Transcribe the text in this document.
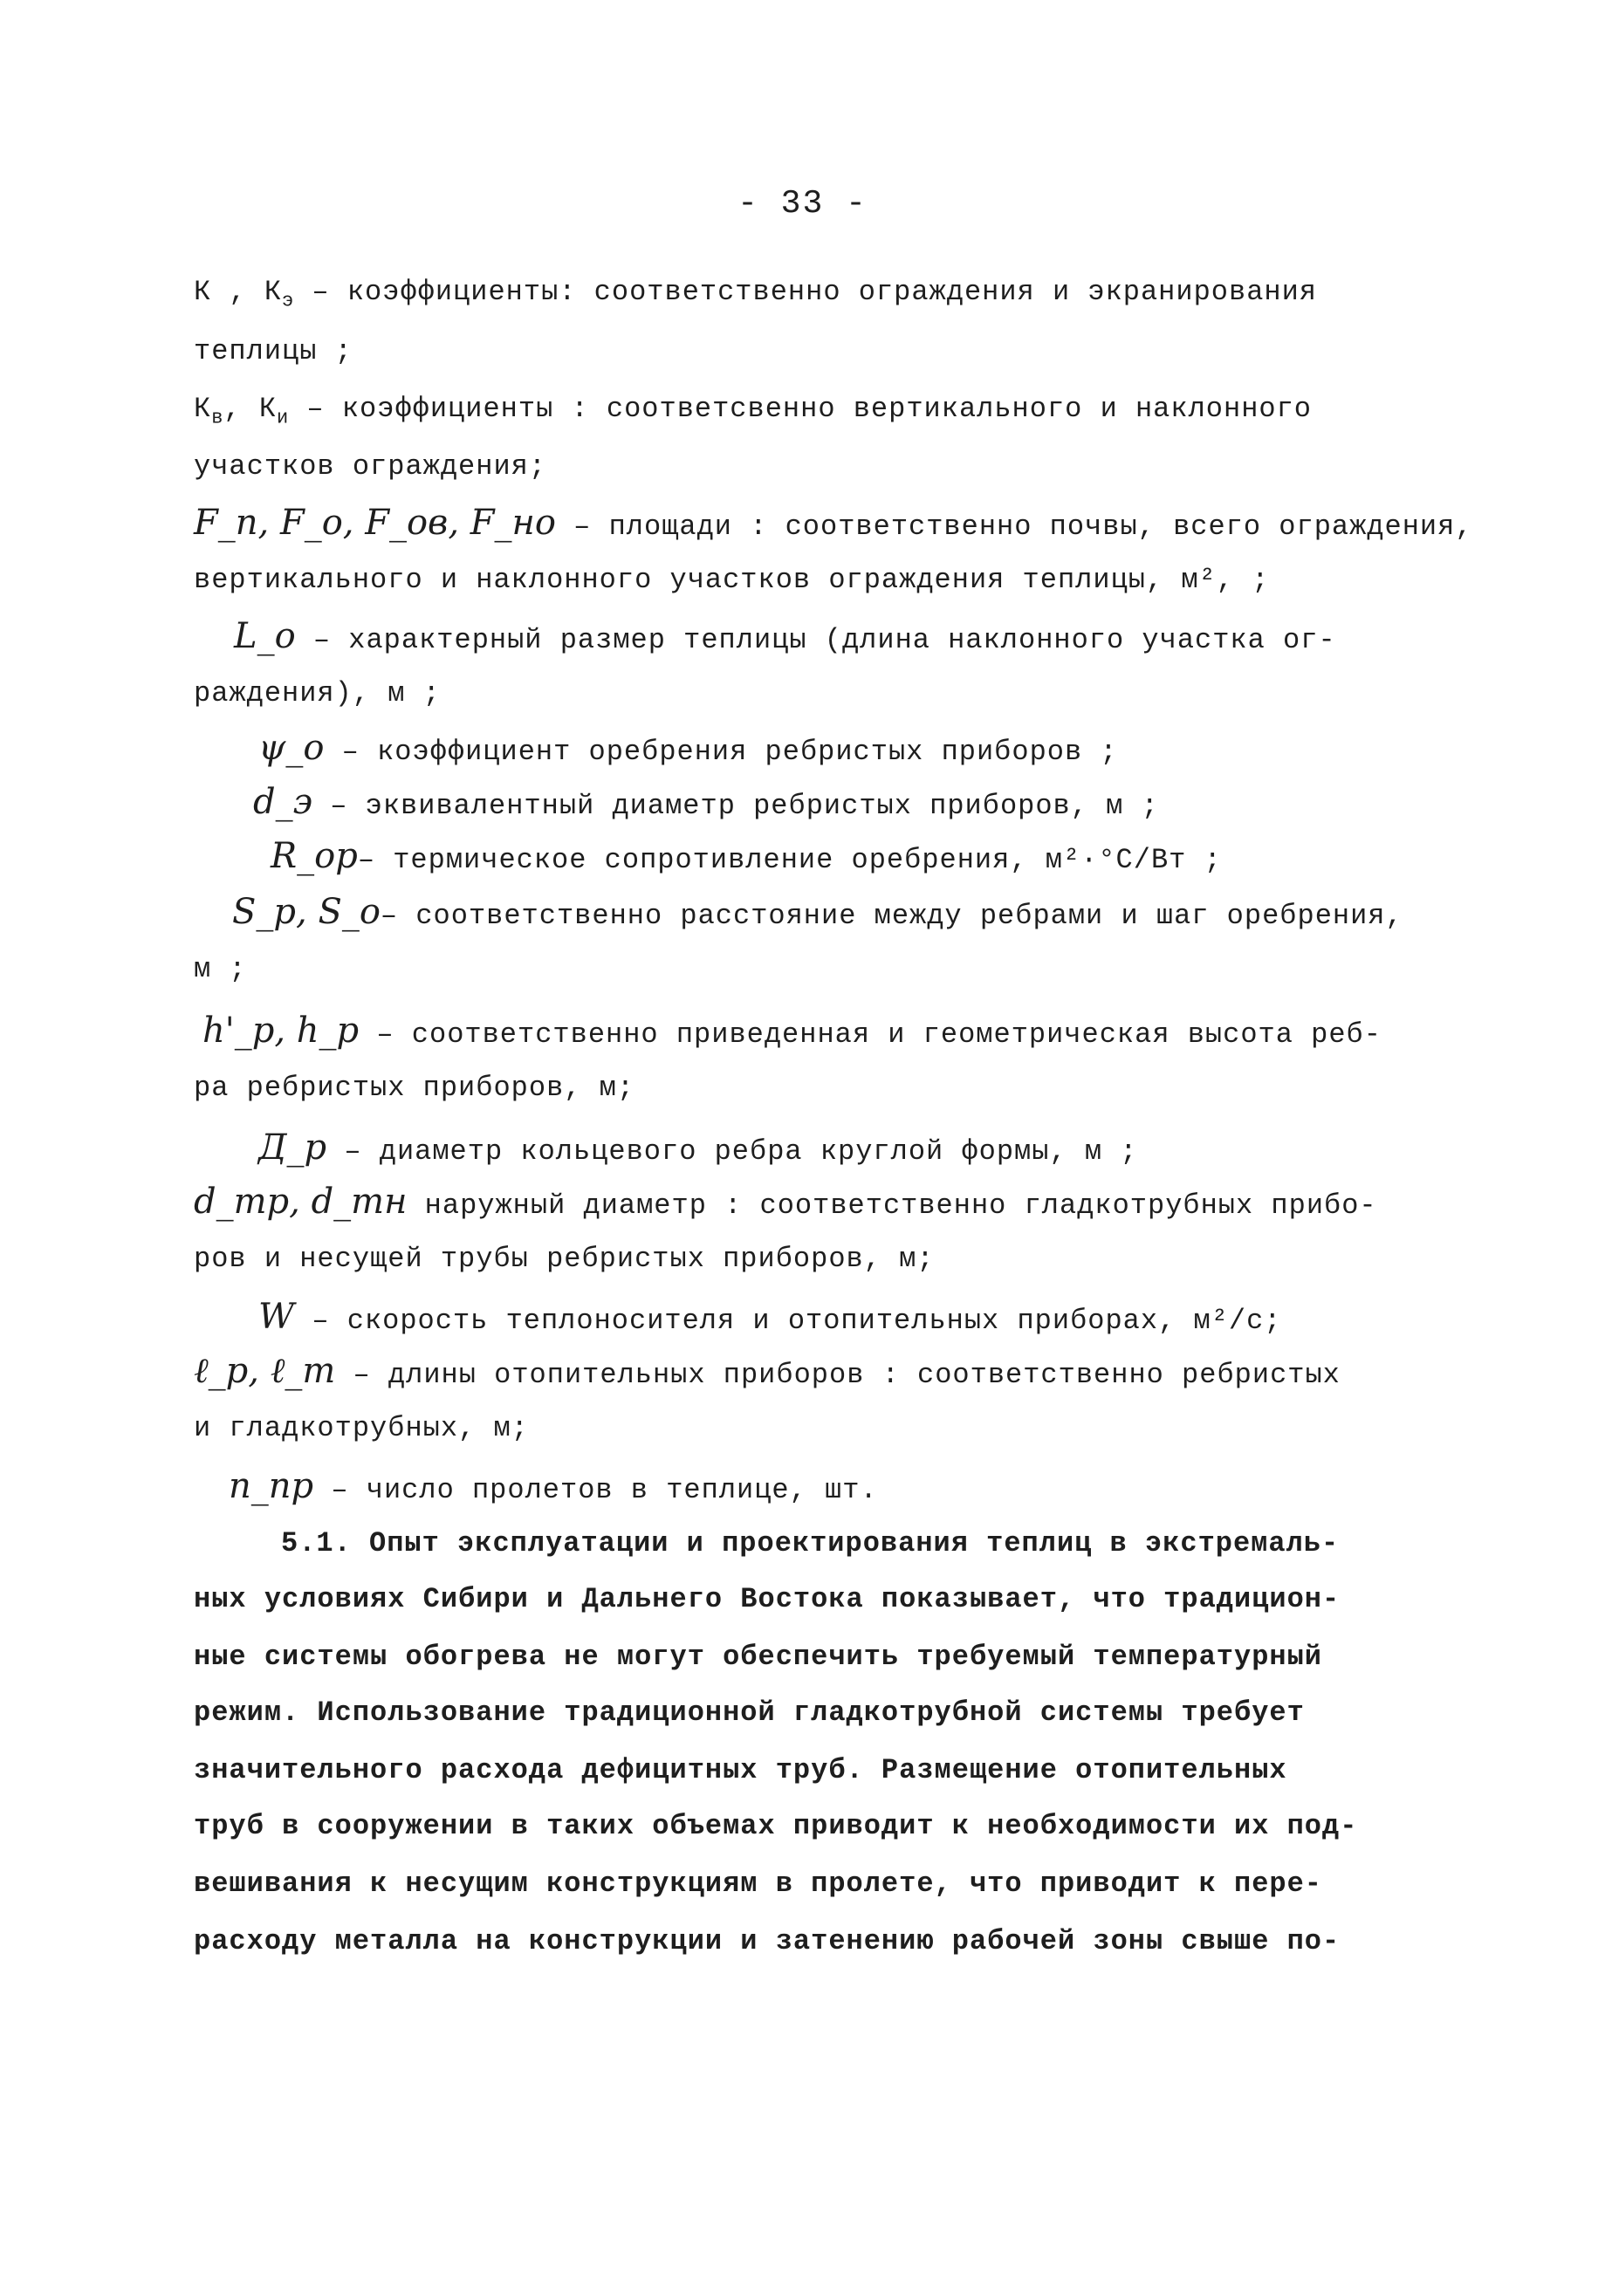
- 33 -
К , $К_э$ – коэффициенты: соответственно ограждения и экранирования
теплицы ;
$К_в$, $К_и$ – коэффициенты : соответсвенно вертикального и наклонного
участков ограждения;
F_п, F_о, F_ов, F_но – площади : соответственно почвы, всего ограждения,
вертикального и наклонного участков ограждения теплицы, м², ;
L_о – характерный размер теплицы (длина наклонного участка ог-
раждения), м ;
ψ_о – коэффициент оребрения ребристых приборов ;
d_э – эквивалентный диаметр ребристых приборов, м ;
R_ор– термическое сопротивление оребрения, м²·°С/Вт ;
S_р, S_о– соответственно расстояние между ребрами и шаг оребрения,
м ;
h'_р, h_р – соответственно приведенная и геометрическая высота реб-
ра ребристых приборов, м;
Д_р – диаметр кольцевого ребра круглой формы, м ;
d_тр, d_тн наружный диаметр : соответственно гладкотрубных прибо-
ров и несущей трубы ребристых приборов, м;
W – скорость теплоносителя и отопительных приборах, м²/с;
ℓ_р, ℓ_т – длины отопительных приборов : соответственно ребристых
и гладкотрубных, м;
n_пр – число пролетов в теплице, шт.
5.1. Опыт эксплуатации и проектирования теплиц в экстремаль-
ных условиях Сибири и Дальнего Востока показывает, что традицион-
ные системы обогрева не могут обеспечить требуемый температурный
режим. Использование традиционной гладкотрубной системы требует
значительного расхода дефицитных труб. Размещение отопительных
труб в сооружении в таких объемах приводит к необходимости их под-
вешивания к несущим конструкциям в пролете, что приводит к пере-
расходу металла на конструкции и затенению рабочей зоны свыше по-
